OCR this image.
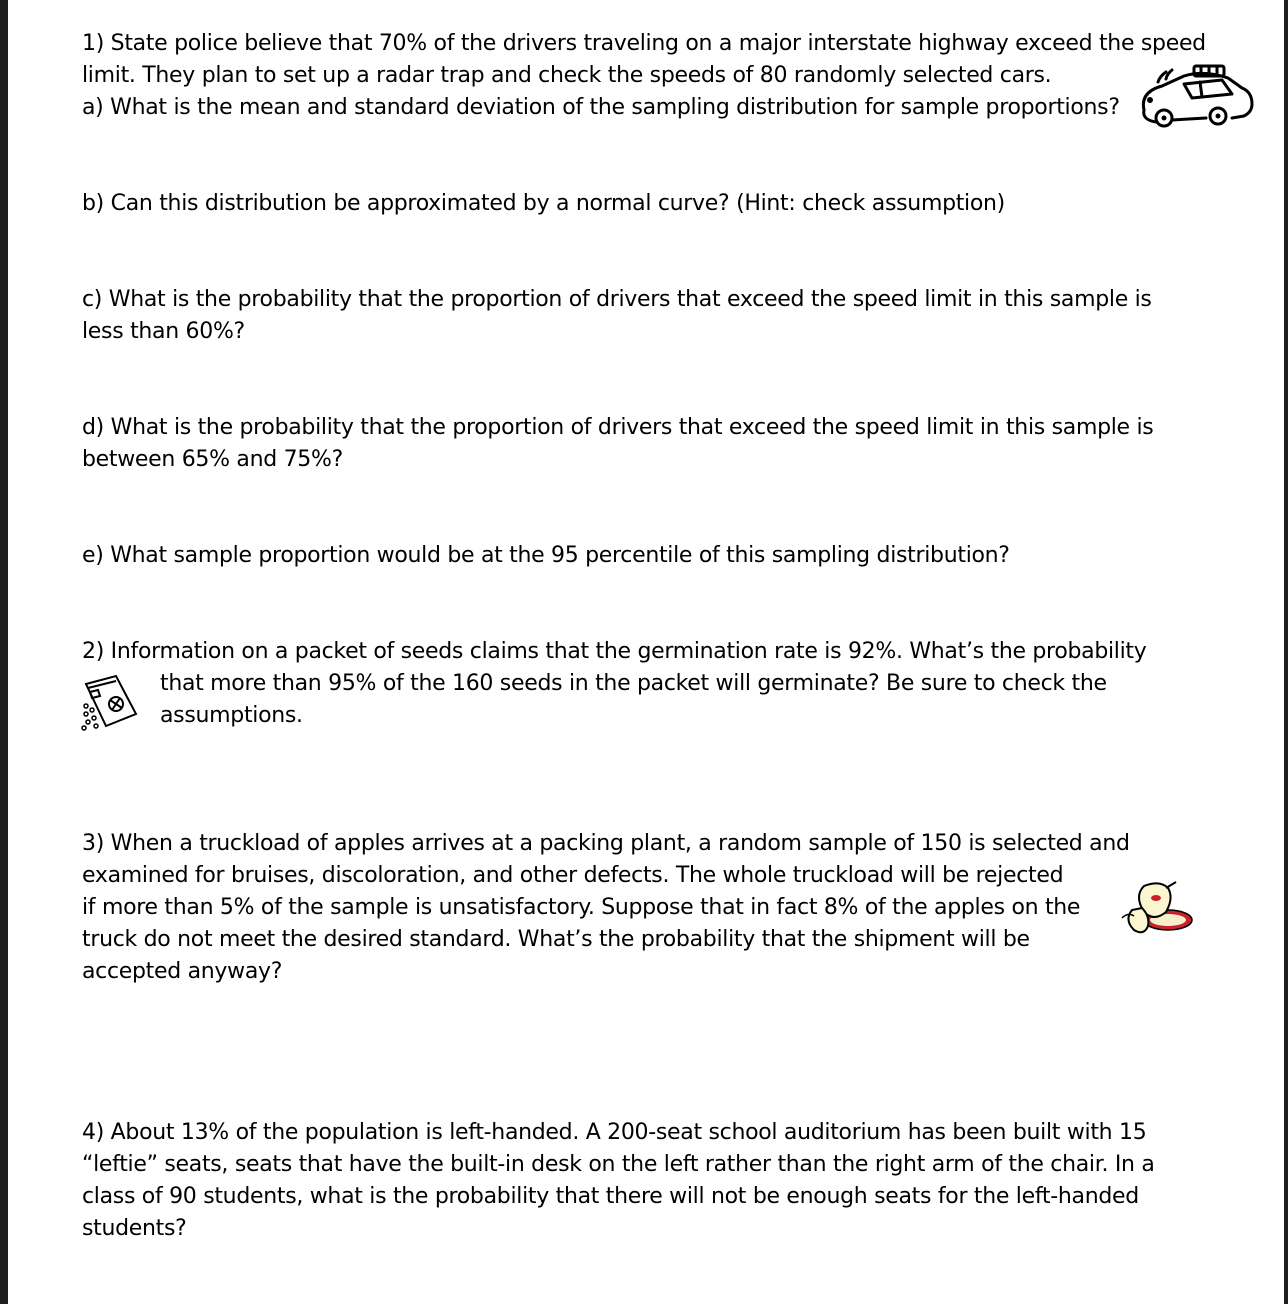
1) State police believe that 70% of the drivers traveling on a major interstate highway exceed the speed

limit. They plan to set up a radar trap and check the speeds of 80 randomly selected cars.

a) What is the mean and standard deviation of the sampling distribution for sample proportions?

b) Can this distribution be approximated by a normal curve? (Hint: check assumption)

c) What is the probability that the proportion of drivers that exceed the speed limit in this sample is

less than 60%?

d) What is the probability that the proportion of drivers that exceed the speed limit in this sample is

between 65% and 75%?

e) What sample proportion would be at the 95 percentile of this sampling distribution?

2) Information on a packet of seeds claims that the germination rate is 92%. What’s the probability

that more than 95% of the 160 seeds in the packet will germinate? Be sure to check the

assumptions.

3) When a truckload of apples arrives at a packing plant, a random sample of 150 is selected and

examined for bruises, discoloration, and other defects. The whole truckload will be rejected

if more than 5% of the sample is unsatisfactory. Suppose that in fact 8% of the apples on the

truck do not meet the desired standard. What’s the probability that the shipment will be

accepted anyway?

4) About 13% of the population is left-handed. A 200-seat school auditorium has been built with 15

“leftie” seats, seats that have the built-in desk on the left rather than the right arm of the chair. In a

class of 90 students, what is the probability that there will not be enough seats for the left-handed

students?
